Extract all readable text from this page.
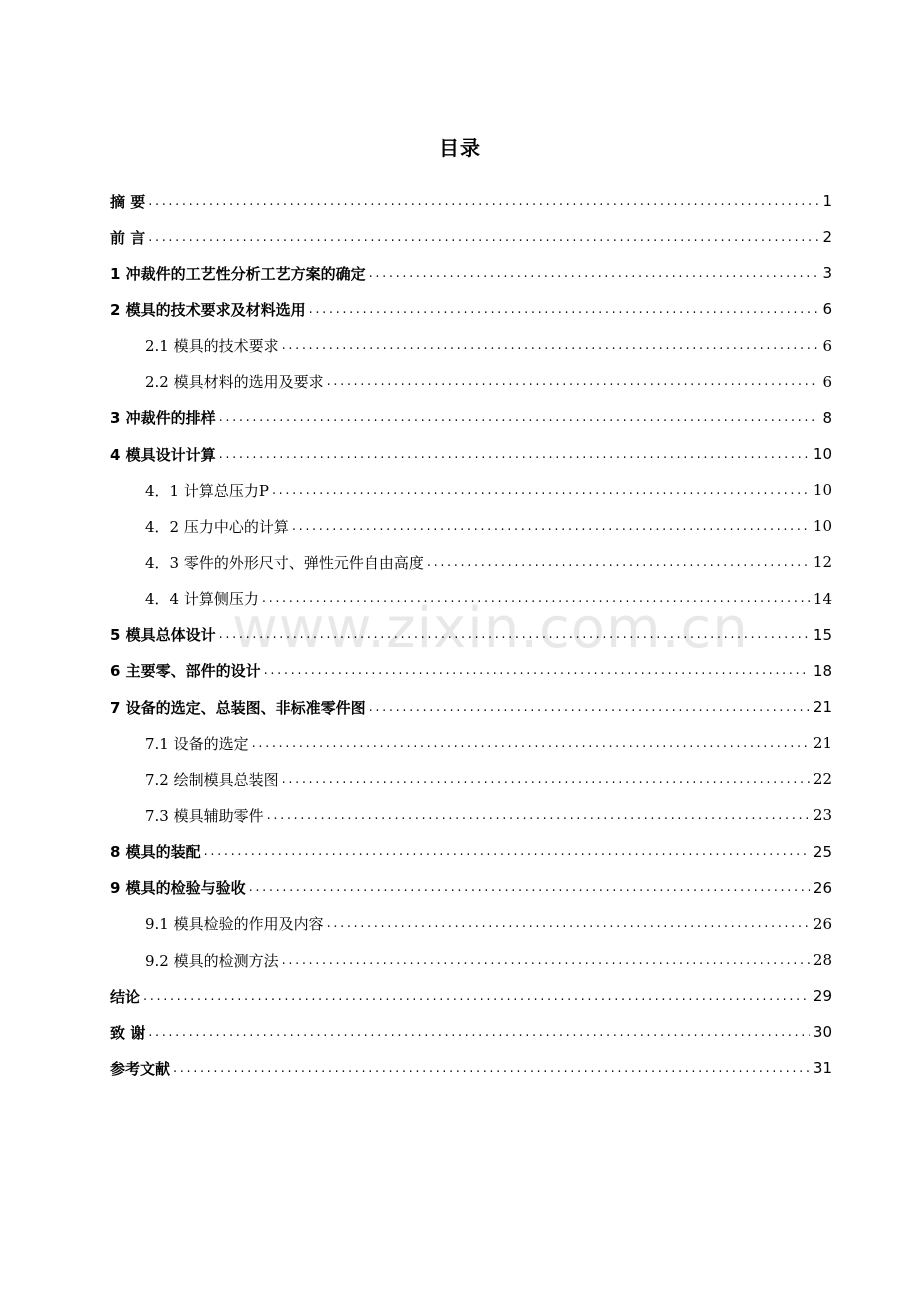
目录
摘 要 .....	1
前 言 .....	2
1 冲裁件的工艺性分析工艺方案的确定 .....	3
2 模具的技术要求及材料选用 .....	6
2.1 模具的技术要求 .....	6
2.2 模具材料的选用及要求 .....	6
3 冲裁件的排样 .....	8
4 模具设计计算 .....	10
4．1 计算总压力P .....	10
4．2 压力中心的计算 .....	10
4．3 零件的外形尺寸、弹性元件自由高度 .....	12
4．4 计算侧压力 .....	14
5 模具总体设计 .....	15
6 主要零、部件的设计 .....	18
7 设备的选定、总装图、非标准零件图 .....	21
7.1 设备的选定 .....	21
7.2 绘制模具总装图 .....	22
7.3 模具辅助零件 .....	23
8 模具的装配 .....	25
9 模具的检验与验收 .....	26
9.1 模具检验的作用及内容 .....	26
9.2 模具的检测方法 .....	28
结论 .....	29
致 谢 .....	30
参考文献 .....	31
www.zixin.com.cn
